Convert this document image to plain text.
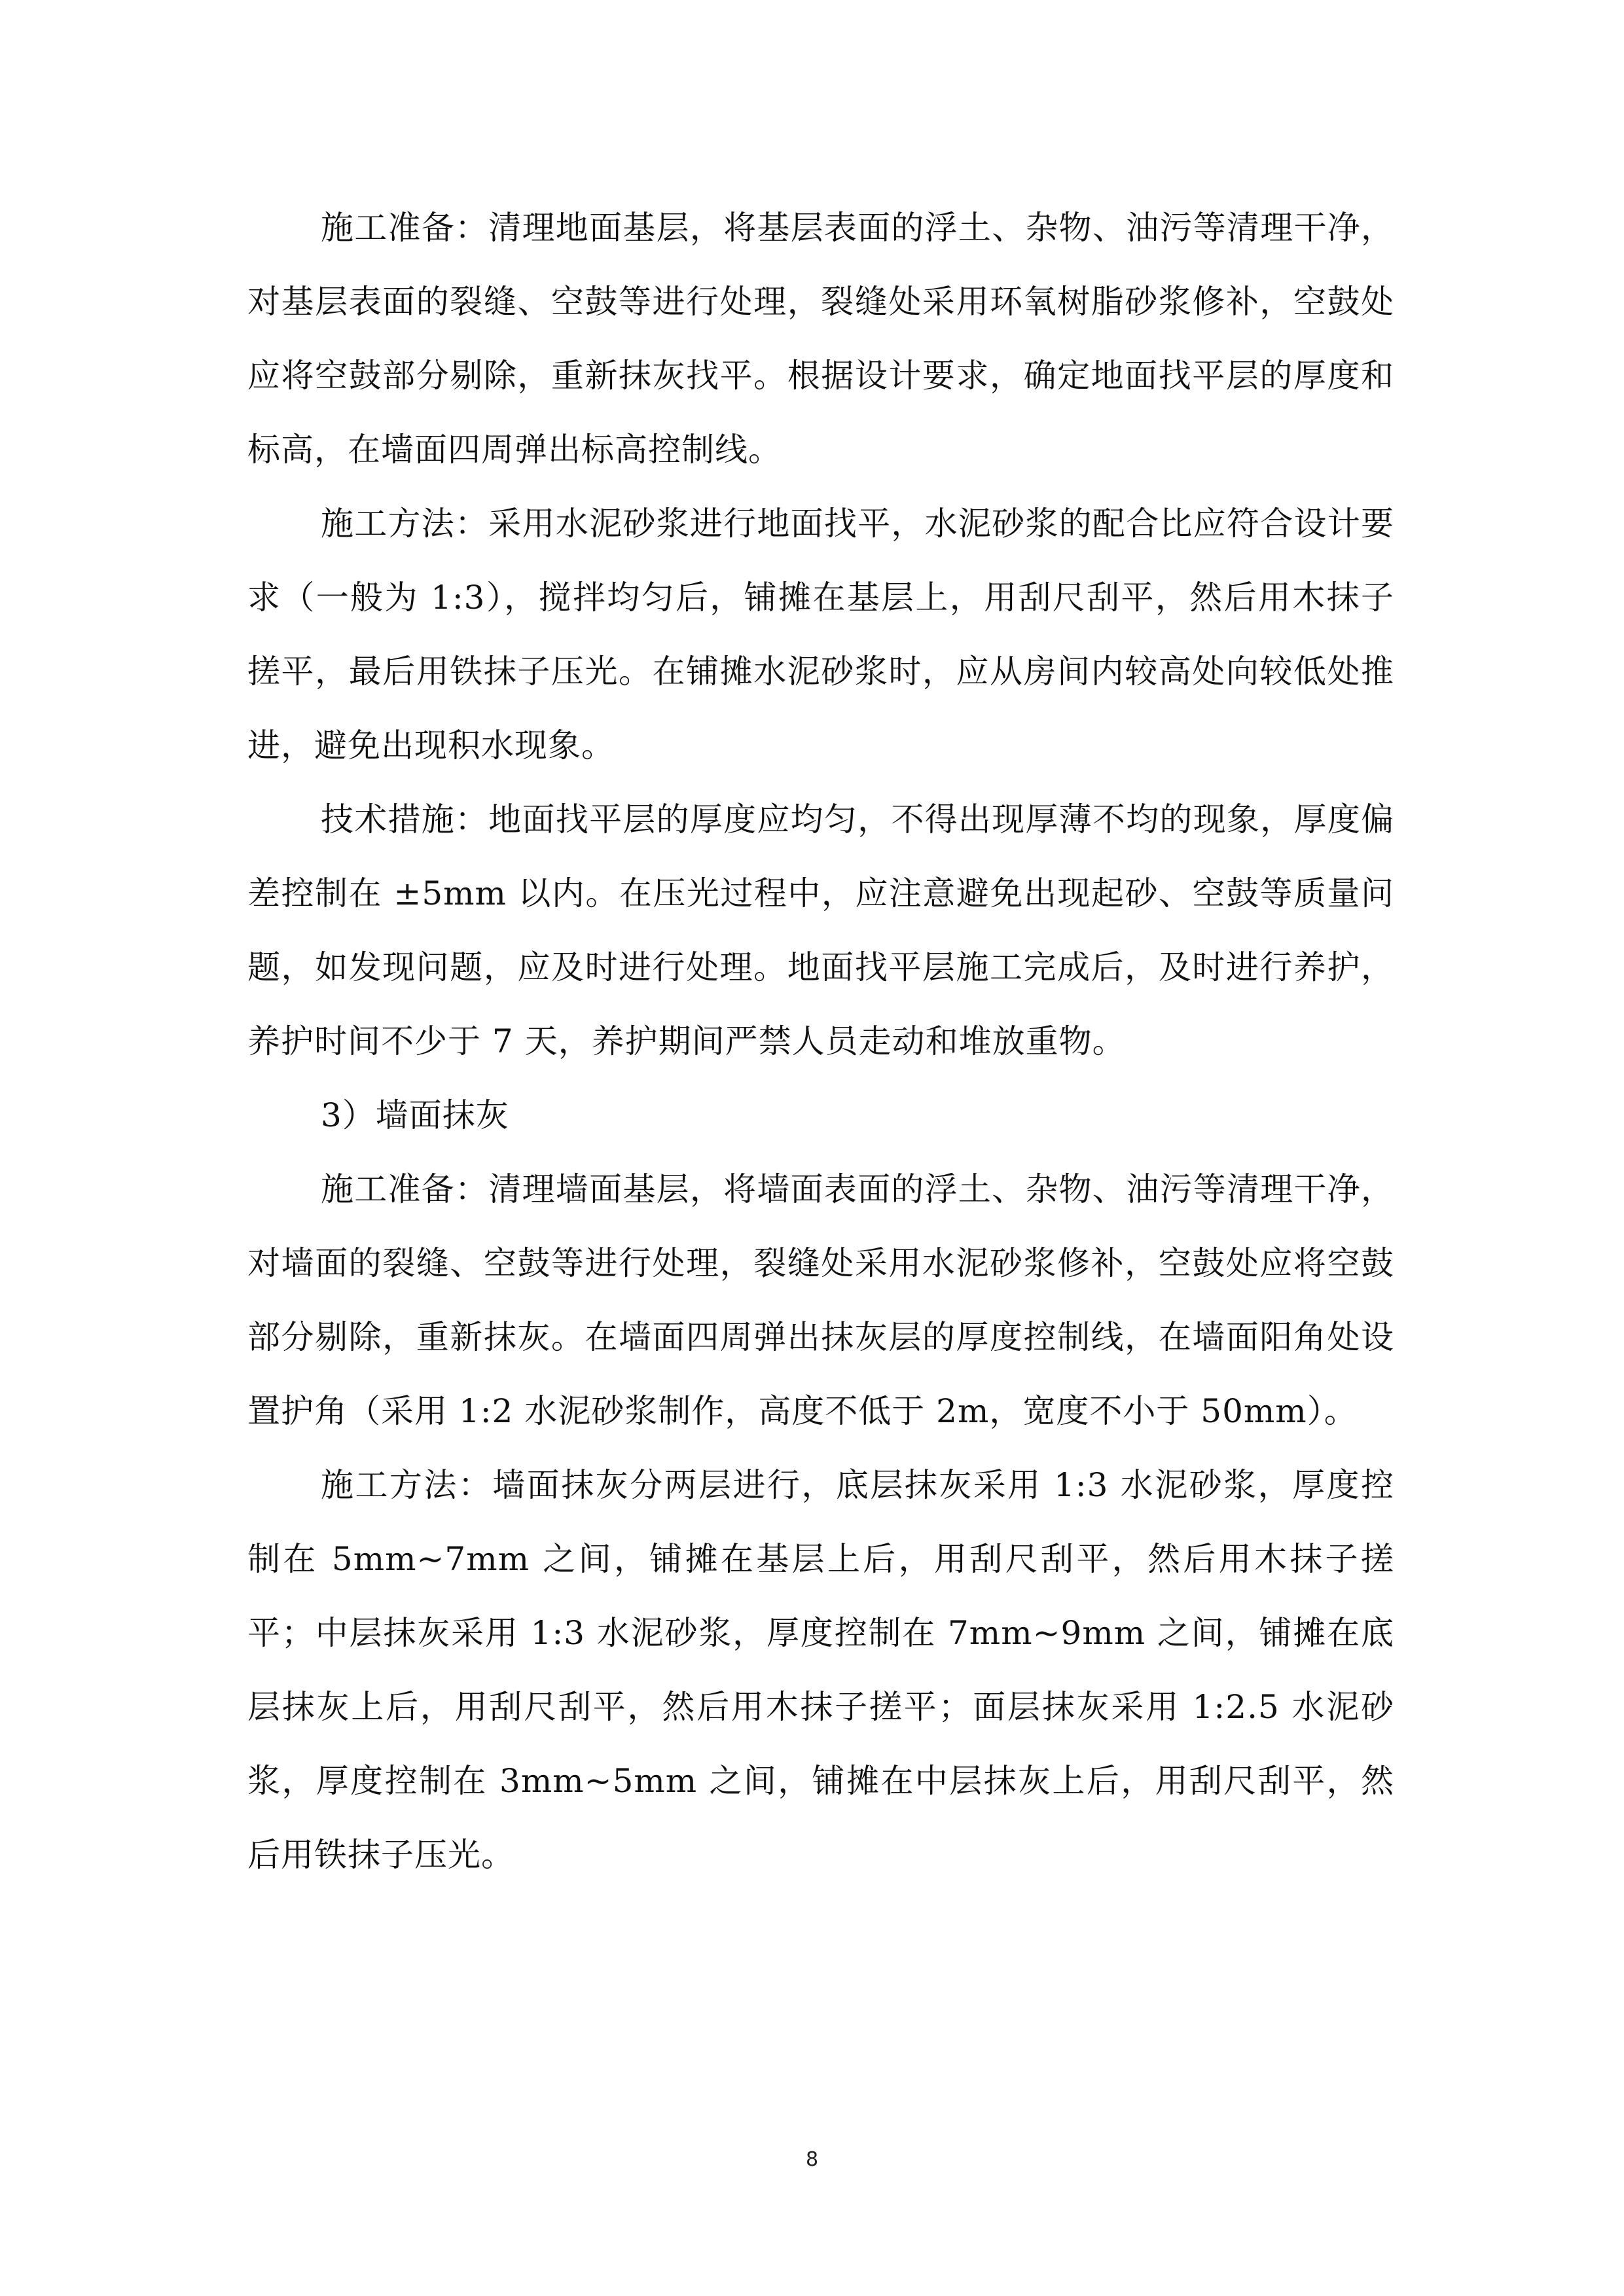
施工准备：清理地面基层，将基层表面的浮土、杂物、油污等清理干净，对基层表面的裂缝、空鼓等进行处理，裂缝处采用环氧树脂砂浆修补，空鼓处应将空鼓部分剔除，重新抹灰找平。根据设计要求，确定地面找平层的厚度和标高，在墙面四周弹出标高控制线。

施工方法：采用水泥砂浆进行地面找平，水泥砂浆的配合比应符合设计要求（一般为 1:3），搅拌均匀后，铺摊在基层上，用刮尺刮平，然后用木抹子搓平，最后用铁抹子压光。在铺摊水泥砂浆时，应从房间内较高处向较低处推进，避免出现积水现象。

技术措施：地面找平层的厚度应均匀，不得出现厚薄不均的现象，厚度偏差控制在 ±5mm 以内。在压光过程中，应注意避免出现起砂、空鼓等质量问题，如发现问题，应及时进行处理。地面找平层施工完成后，及时进行养护，养护时间不少于 7 天，养护期间严禁人员走动和堆放重物。

3）墙面抹灰

施工准备：清理墙面基层，将墙面表面的浮土、杂物、油污等清理干净，对墙面的裂缝、空鼓等进行处理，裂缝处采用水泥砂浆修补，空鼓处应将空鼓部分剔除，重新抹灰。在墙面四周弹出抹灰层的厚度控制线，在墙面阳角处设置护角（采用 1:2 水泥砂浆制作，高度不低于 2m，宽度不小于 50mm）。

施工方法：墙面抹灰分两层进行，底层抹灰采用 1:3 水泥砂浆，厚度控制在 5mm~7mm 之间，铺摊在基层上后，用刮尺刮平，然后用木抹子搓平；中层抹灰采用 1:3 水泥砂浆，厚度控制在 7mm~9mm 之间，铺摊在底层抹灰上后，用刮尺刮平，然后用木抹子搓平；面层抹灰采用 1:2.5 水泥砂浆，厚度控制在 3mm~5mm 之间，铺摊在中层抹灰上后，用刮尺刮平，然后用铁抹子压光。

8
